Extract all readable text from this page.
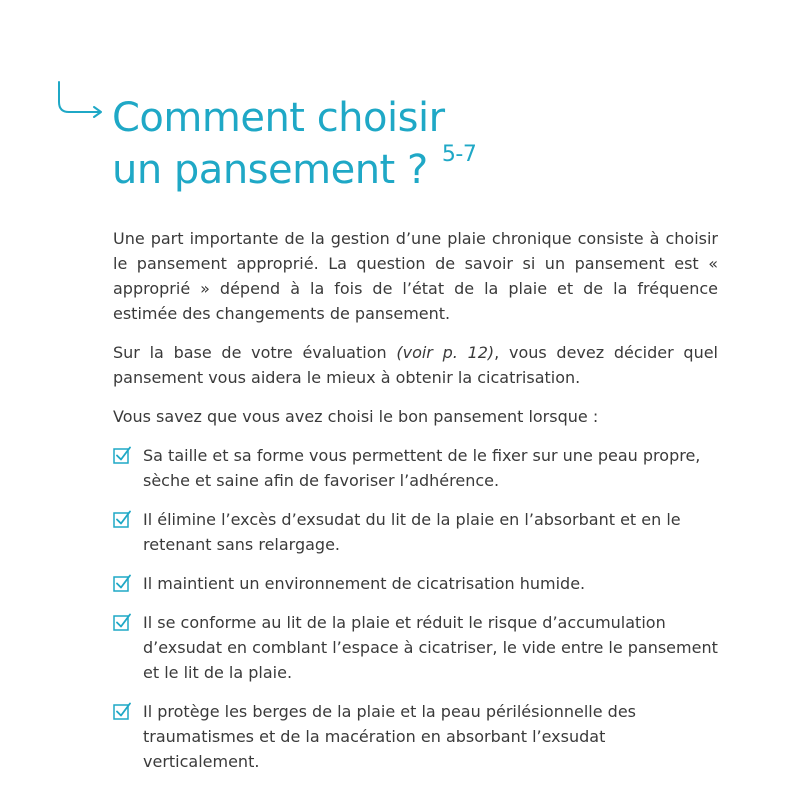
Comment choisir
un pansement ? $^{5-7}$

Une part importante de la gestion d’une plaie chronique consiste à choisir le pansement approprié. La question de savoir si un pansement est « approprié » dépend à la fois de l’état de la plaie et de la fréquence estimée des changements de pansement.

Sur la base de votre évaluation (voir p. 12), vous devez décider quel pansement vous aidera le mieux à obtenir la cicatrisation.

Vous savez que vous avez choisi le bon pansement lorsque :

Sa taille et sa forme vous permettent de le fixer sur une peau propre, sèche et saine afin de favoriser l’adhérence.
Il élimine l’excès d’exsudat du lit de la plaie en l’absorbant et en le retenant sans relargage.
Il maintient un environnement de cicatrisation humide.
Il se conforme au lit de la plaie et réduit le risque d’accumulation d’exsudat en comblant l’espace à cicatriser, le vide entre le pansement et le lit de la plaie.
Il protège les berges de la plaie et la peau périlésionnelle des traumatismes et de la macération en absorbant l’exsudat verticalement.
